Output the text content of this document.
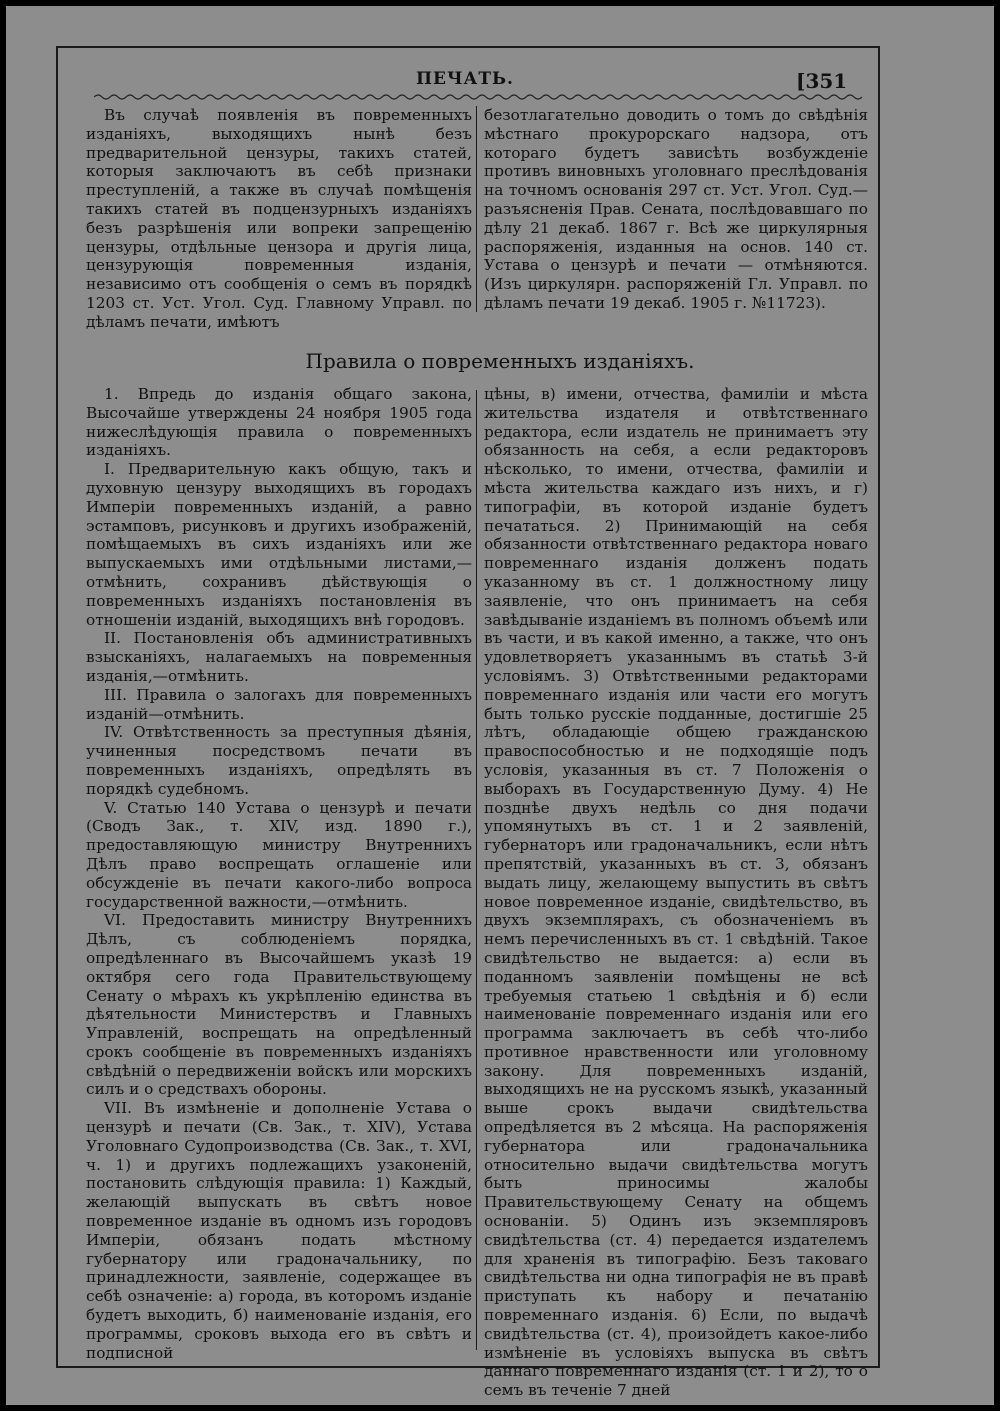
ПЕЧАТЬ.	[351

Въ случаѣ появленія въ повременныхъ изданіяхъ, выходящихъ нынѣ безъ предварительной цензуры, такихъ статей, которыя заключаютъ въ себѣ признаки преступленій, а также въ случаѣ помѣщенія такихъ статей въ подцензурныхъ изданіяхъ безъ разрѣшенія или вопреки запрещенію цензуры, отдѣльные цензора и другія лица, цензурующія повременныя изданія, независимо отъ сообщенія о семъ въ порядкѣ 1203 ст. Уст. Угол. Суд. Главному Управл. по дѣламъ печати, имѣютъ

безотлагательно доводить о томъ до свѣдѣнія мѣстнаго прокурорскаго надзора, отъ котораго будетъ зависѣть возбужденіе противъ виновныхъ уголовнаго преслѣдованія на точномъ основанія 297 ст. Уст. Угол. Суд.— разъясненія Прав. Сената, послѣдовавшаго по дѣлу 21 декаб. 1867 г. Всѣ же циркулярныя распоряженія, изданныя на основ. 140 ст. Устава о цензурѣ и печати — отмѣняются. (Изъ циркулярн. распоряженій Гл. Управл. по дѣламъ печати 19 декаб. 1905 г. №11723).

Правила о повременныхъ изданіяхъ.

1. Впредь до изданія общаго закона, Высочайше утверждены 24 ноября 1905 года нижеслѣдующія правила о повременныхъ изданіяхъ.

I. Предварительную какъ общую, такъ и духовную цензуру выходящихъ въ городахъ Имперіи повременныхъ изданій, а равно эстамповъ, рисунковъ и другихъ изображеній, помѣщаемыхъ въ сихъ изданіяхъ или же выпускаемыхъ ими отдѣльными листами,—отмѣнить, сохранивъ дѣйствующія о повременныхъ изданіяхъ постановленія въ отношеніи изданій, выходящихъ внѣ городовъ.

II. Постановленія объ административныхъ взысканіяхъ, налагаемыхъ на повременныя изданія,—отмѣнить.

III. Правила о залогахъ для повременныхъ изданій—отмѣнить.

IV. Отвѣтственность за преступныя дѣянія, учиненныя посредствомъ печати въ повременныхъ изданіяхъ, опредѣлять въ порядкѣ судебномъ.

V. Статью 140 Устава о цензурѣ и печати (Сводъ Зак., т. XIV, изд. 1890 г.), предоставляющую министру Внутреннихъ Дѣлъ право воспрещать оглашеніе или обсужденіе въ печати какого-либо вопроса государственной важности,—отмѣнить.

VI. Предоставить министру Внутреннихъ Дѣлъ, съ соблюденіемъ порядка, опредѣленнаго въ Высочайшемъ указѣ 19 октября сего года Правительствующему Сенату о мѣрахъ къ укрѣпленію единства въ дѣятельности Министерствъ и Главныхъ Управленій, воспрещать на опредѣленный срокъ сообщеніе въ повременныхъ изданіяхъ свѣдѣній о передвиженіи войскъ или морскихъ силъ и о средствахъ обороны.

VII. Въ измѣненіе и дополненіе Устава о цензурѣ и печати (Св. Зак., т. XIV), Устава Уголовнаго Судопроизводства (Св. Зак., т. XVI, ч. 1) и другихъ подлежащихъ узаконеній, постановить слѣдующія правила: 1) Каждый, желающій выпускать въ свѣтъ новое повременное изданіе въ одномъ изъ городовъ Имперіи, обязанъ подать мѣстному губернатору или градоначальнику, по принадлежности, заявленіе, содержащее въ себѣ означеніе: а) города, въ которомъ изданіе будетъ выходить, б) наименованіе изданія, его программы, сроковъ выхода его въ свѣтъ и подписной

цѣны, в) имени, отчества, фамиліи и мѣста жительства издателя и отвѣтственнаго редактора, если издатель не принимаетъ эту обязанность на себя, а если редакторовъ нѣсколько, то имени, отчества, фамиліи и мѣста жительства каждаго изъ нихъ, и г) типографіи, въ которой изданіе будетъ печататься. 2) Принимающій на себя обязанности отвѣтственнаго редактора новаго повременнаго изданія долженъ подать указанному въ ст. 1 должностному лицу заявленіе, что онъ принимаетъ на себя завѣдываніе изданіемъ въ полномъ объемѣ или въ части, и въ какой именно, а также, что онъ удовлетворяетъ указаннымъ въ статьѣ 3-й условіямъ. 3) Отвѣтственными редакторами повременнаго изданія или части его могутъ быть только русскіе подданные, достигшіе 25 лѣтъ, обладающіе общею гражданскою правоспособностью и не подходящіе подъ условія, указанныя въ ст. 7 Положенія о выборахъ въ Государственную Думу. 4) Не позднѣе двухъ недѣль со дня подачи упомянутыхъ въ ст. 1 и 2 заявленій, губернаторъ или градоначальникъ, если нѣтъ препятствій, указанныхъ въ ст. 3, обязанъ выдать лицу, желающему выпустить въ свѣтъ новое повременное изданіе, свидѣтельство, въ двухъ экземплярахъ, съ обозначеніемъ въ немъ перечисленныхъ въ ст. 1 свѣдѣній. Такое свидѣтельство не выдается: а) если въ поданномъ заявленіи помѣщены не всѣ требуемыя статьею 1 свѣдѣнія и б) если наименованіе повременнаго изданія или его программа заключаетъ въ себѣ что-либо противное нравственности или уголовному закону. Для повременныхъ изданій, выходящихъ не на русскомъ языкѣ, указанный выше срокъ выдачи свидѣтельства опредѣляется въ 2 мѣсяца. На распоряженія губернатора или градоначальника относительно выдачи свидѣтельства могутъ быть приносимы жалобы Правительствующему Сенату на общемъ основаніи. 5) Одинъ изъ экземпляровъ свидѣтельства (ст. 4) передается издателемъ для храненія въ типографію. Безъ таковаго свидѣтельства ни одна типографія не въ правѣ приступать къ набору и печатанію повременнаго изданія. 6) Если, по выдачѣ свидѣтельства (ст. 4), произойдетъ какое-либо измѣненіе въ условіяхъ выпуска въ свѣтъ даннаго повременнаго изданія (ст. 1 и 2), то о семъ въ теченіе 7 дней
